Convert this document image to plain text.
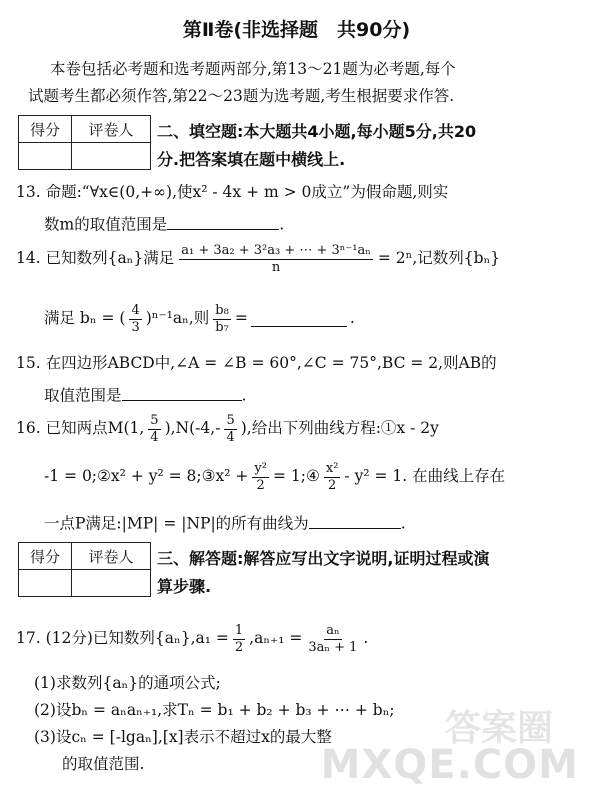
第Ⅱ卷(非选择题　共90分)
本卷包括必考题和选考题两部分,第13～21题为必考题,每个
试题考生都必须作答,第22～23题为选考题,考生根据要求作答.
得分	评卷人
	二、填空题:本大题共4小题,每小题5分,共20
分.把答案填在题中横线上.
13. 命题:“∀x∈(0,+∞),使x² - 4x + m > 0成立”为假命题,则实
数m的取值范围是	.
14. 已知数列{aₙ}满足 $\frac{\text{a₁ + 3a₂ + 3²a₃ + ⋯ + 3ⁿ⁻¹aₙ}}{n} = 2^n$,记数列{bₙ}
满足 bₙ = ( $\frac{4}{3} )^{n-1}a_n$,则 $\frac{\text{b₈}}{\text{b₇}}$ =	.
15. 在四边形ABCD中,∠A = ∠B = 60°,∠C = 75°,BC = 2,则AB的
取值范围是	.
16. 已知两点M(1, $\frac{5}{4} ),N(-4,- \frac{5}{4}$ ),给出下列曲线方程:①x - 2y
-1 = 0;②x² + y² = 8;③x² + $\frac{\text{y²}}{2}$ = 1;④ $\frac{\text{x²}}{2} - y^2 = 1$. 在曲线上存在
一点P满足:|MP| = |NP|的所有曲线为	.
得分	评卷人
	三、解答题:解答应写出文字说明,证明过程或演
算步骤.
17. (12分)已知数列$\{a_n\},a_1 = \frac{1}{2} ,a_{n+1} = \frac{\text{aₙ}}{\text{3aₙ + 1}}$ .
(1)求数列{aₙ}的通项公式;
(2)设bₙ = aₙaₙ₊₁,求Tₙ = b₁ + b₂ + b₃ + ⋯ + bₙ;
(3)设cₙ = [-lgaₙ],[x]表示不超过x的最大整
的取值范围.
答案圈
MXQE.COM
